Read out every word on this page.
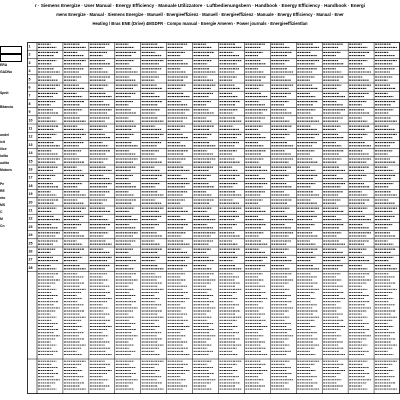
r · Siemens Energize · User Manual · Energy Efficiency · Manuale Utilizzatore · Luftbedienungsbern · Handbook · Energy Efficiency · Handbook · Energi
mens Energize · Manual · Siemens Energize · Manuell · Energieeffizienz · Manuell · Energieeffizienz · Manuale · Energy Efficiency · Manual · Ener
Heating / Bras ENE (Drive) 4MSDFR · Compo manual · Energie Ameren · Power journals · Energieeffizientlan
ERA
GADNo
Spnit
Bilancia
ondel
icit
ilice
lolito
uolito
Motoes
Pe
RE
nto
MS
C
M
Cn
1
2
3
4
5
6
7
8
9
10
11
12
13
14
15
16
17
18
19
20
21
22
23
24
25
26
27
28
